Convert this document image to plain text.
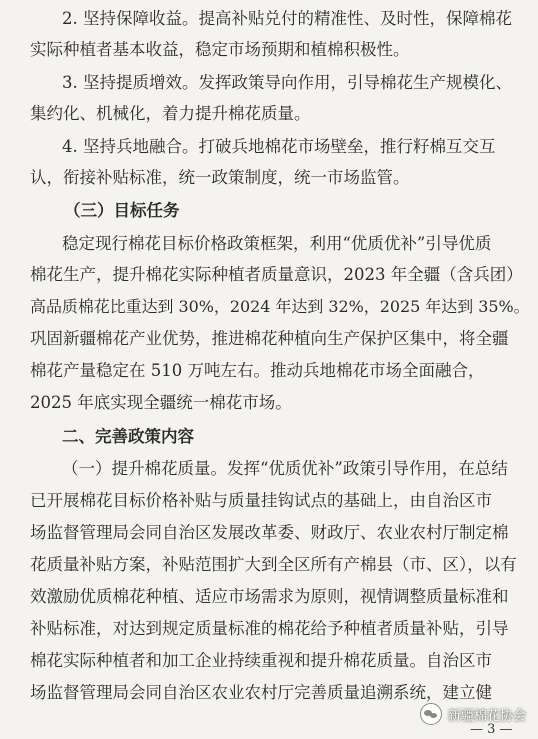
2. 坚持保障收益。提高补贴兑付的精准性、及时性，保障棉花
实际种植者基本收益，稳定市场预期和植棉积极性。
3. 坚持提质增效。发挥政策导向作用，引导棉花生产规模化、
集约化、机械化，着力提升棉花质量。
4. 坚持兵地融合。打破兵地棉花市场壁垒，推行籽棉互交互
认，衔接补贴标准，统一政策制度，统一市场监管。
（三）目标任务
稳定现行棉花目标价格政策框架，利用“优质优补”引导优质
棉花生产，提升棉花实际种植者质量意识，2023 年全疆（含兵团）
高品质棉花比重达到 30%，2024 年达到 32%，2025 年达到 35%。
巩固新疆棉花产业优势，推进棉花种植向生产保护区集中，将全疆
棉花产量稳定在 510 万吨左右。推动兵地棉花市场全面融合，
2025 年底实现全疆统一棉花市场。
二、完善政策内容
（一）提升棉花质量。发挥“优质优补”政策引导作用，在总结
已开展棉花目标价格补贴与质量挂钩试点的基础上，由自治区市
场监督管理局会同自治区发展改革委、财政厅、农业农村厅制定棉
花质量补贴方案，补贴范围扩大到全区所有产棉县（市、区），以有
效激励优质棉花种植、适应市场需求为原则，视情调整质量标准和
补贴标准，对达到规定质量标准的棉花给予种植者质量补贴，引导
棉花实际种植者和加工企业持续重视和提升棉花质量。自治区市
场监督管理局会同自治区农业农村厅完善质量追溯系统，建立健
— 3 —
新疆棉花协会
